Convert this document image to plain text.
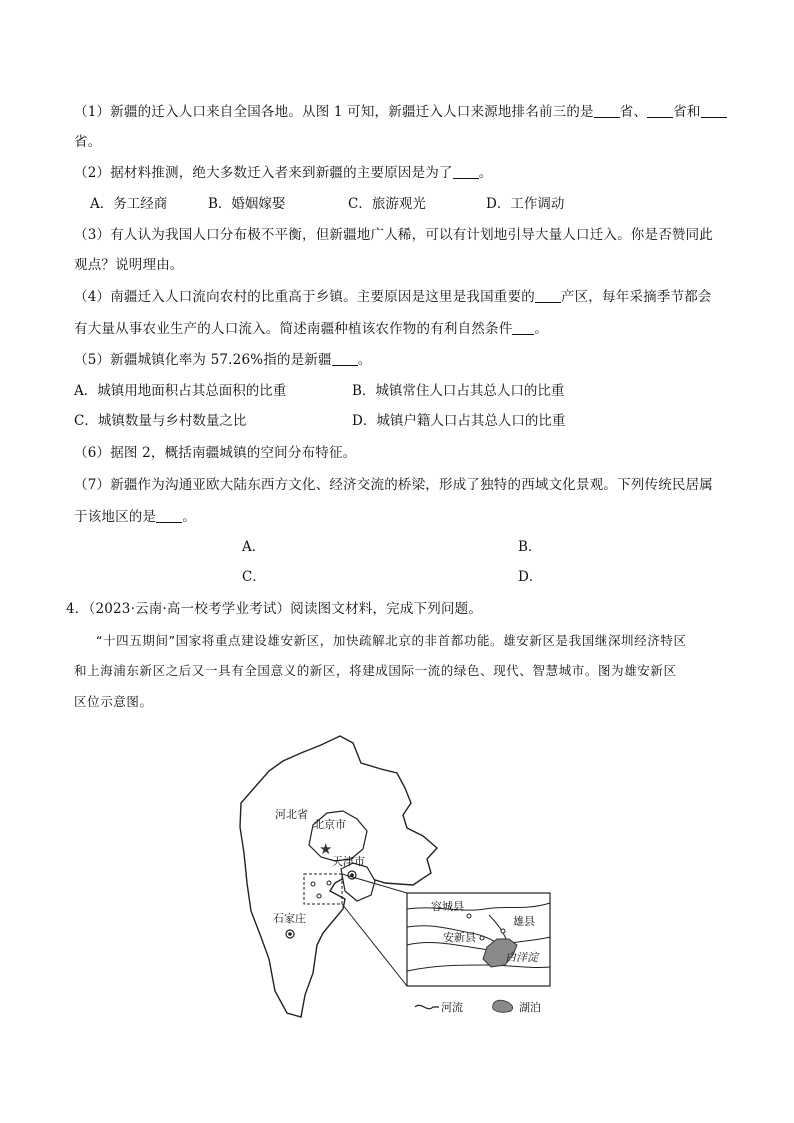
（1）新疆的迁入人口来自全国各地。从图 1 可知，新疆迁入人口来源地排名前三的是 省、 省和
省。
（2）据材料推测，绝大多数迁入者来到新疆的主要原因是为了 。
A．务工经商	B．婚姻嫁娶	C．旅游观光	D．工作调动
（3）有人认为我国人口分布极不平衡，但新疆地广人稀，可以有计划地引导大量人口迁入。你是否赞同此
观点？说明理由。
（4）南疆迁入人口流向农村的比重高于乡镇。主要原因是这里是我国重要的 产区，每年采摘季节都会
有大量从事农业生产的人口流入。简述南疆种植该农作物的有利自然条件 。
（5）新疆城镇化率为 57.26%指的是新疆 。
A．城镇用地面积占其总面积的比重	B．城镇常住人口占其总人口的比重
C．城镇数量与乡村数量之比	D．城镇户籍人口占其总人口的比重
（6）据图 2，概括南疆城镇的空间分布特征。
（7）新疆作为沟通亚欧大陆东西方文化、经济交流的桥梁，形成了独特的西域文化景观。下列传统民居属
于该地区的是 。
A．	B．
C．	D．
4．（2023·云南·高一校考学业考试）阅读图文材料，完成下列问题。
“十四五期间”国家将重点建设雄安新区，加快疏解北京的非首都功能。雄安新区是我国继深圳经济特区
和上海浦东新区之后又一具有全国意义的新区，将建成国际一流的绿色、现代、智慧城市。图为雄安新区
区位示意图。
★
河北省
北京市
天津市
石家庄
容城县
雄县
安新县
白洋淀
河流	湖泊
